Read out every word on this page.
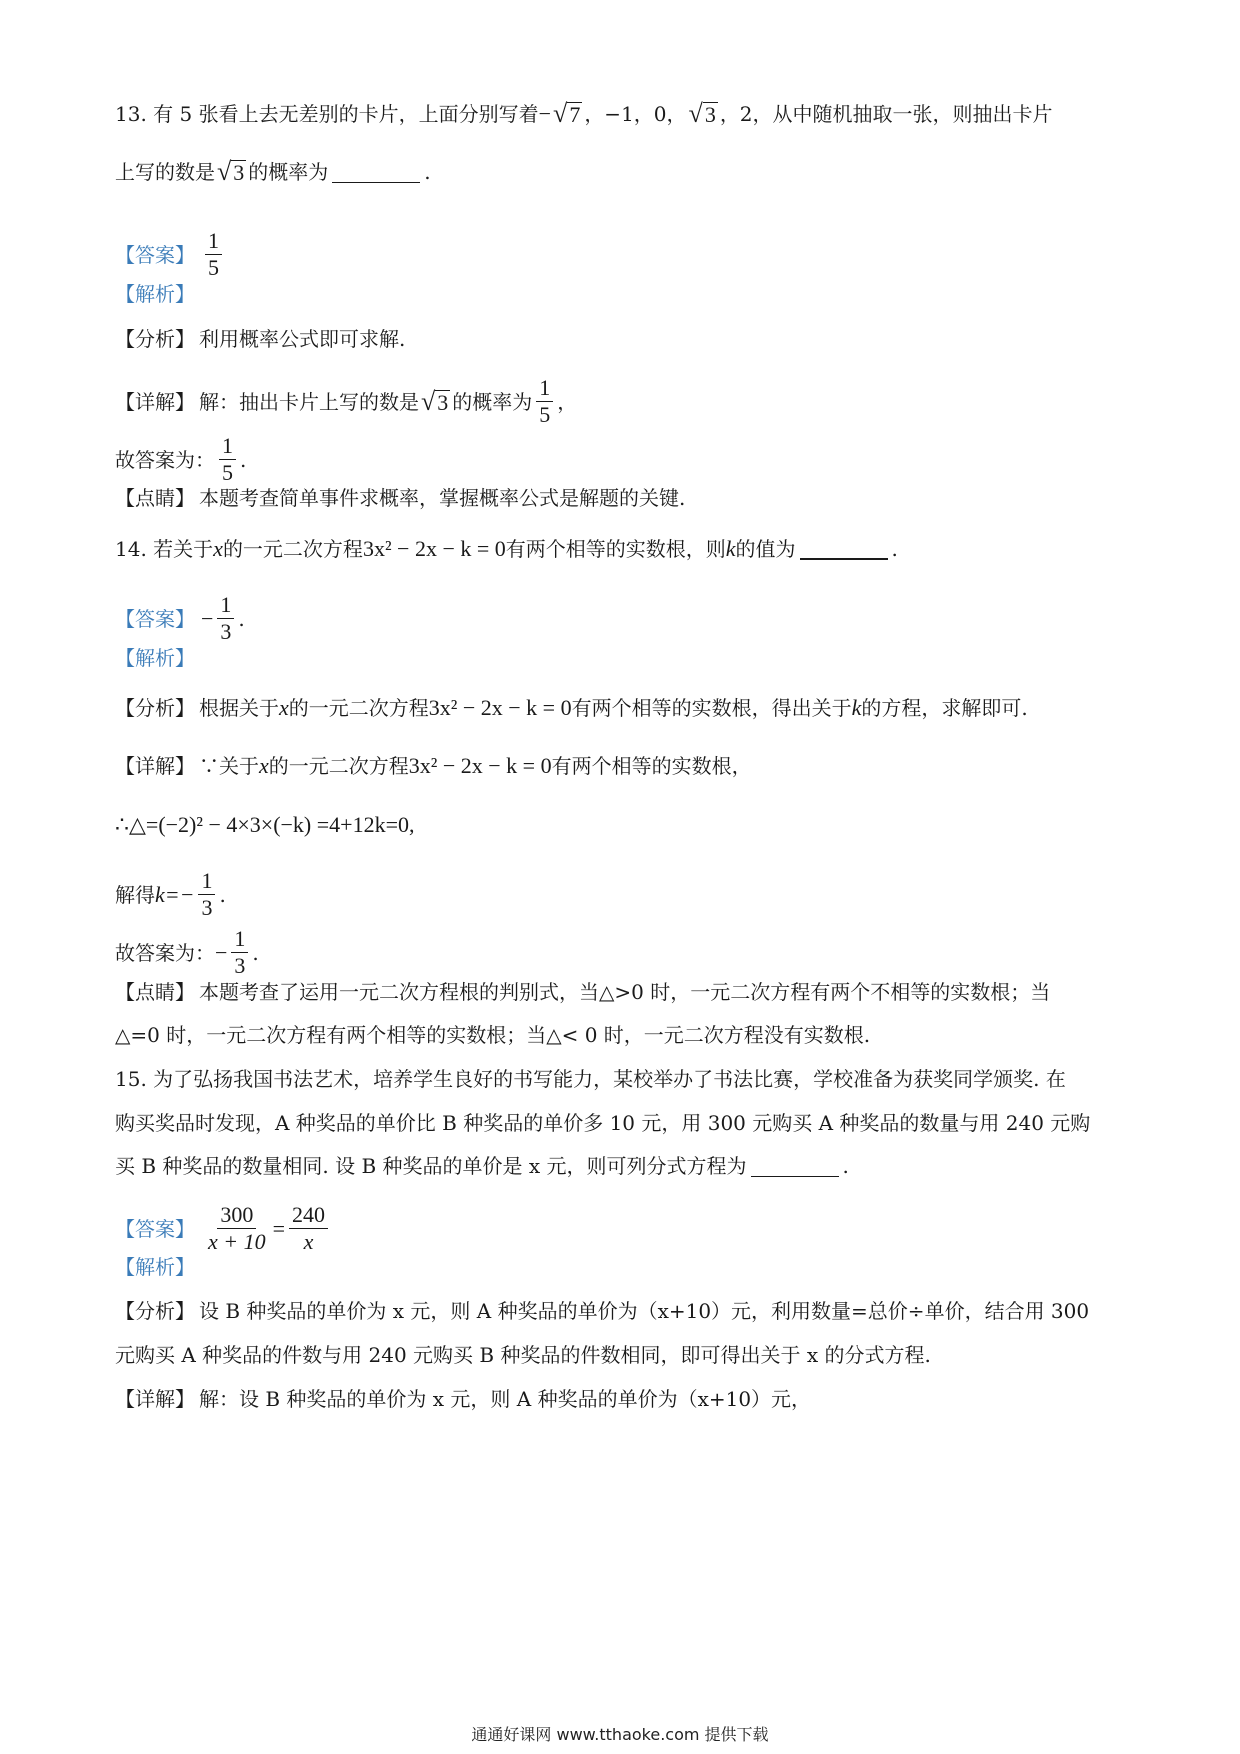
13. 有 5 张看上去无差别的卡片，上面分别写着 − √ 7 ，−1，0， √ 3 ，2，从中随机抽取一张，则抽出卡片
上写的数是 √ 3 的概率为	.
【答案】 $\frac{1}{5}$
【解析】
【分析】 利用概率公式即可求解.
【详解】 解：抽出卡片上写的数是 √ 3 的概率为 $\frac{1}{5}$ ，
故答案为： $\frac{1}{5}$ .
【点睛】 本题考查简单事件求概率，掌握概率公式是解题的关键.
14. 若关于 x 的一元二次方程 3x² − 2x − k = 0 有两个相等的实数根，则 k 的值为	.
【答案】 − $\frac{1}{3}$ .
【解析】
【分析】 根据关于 x 的一元二次方程 3x² − 2x − k = 0 有两个相等的实数根，得出关于 k 的方程，求解即可.
【详解】 ∵关于 x 的一元二次方程 3x² − 2x − k = 0 有两个相等的实数根，
∴△=(−2)² − 4×3×(−k) =4+12k=0,
解得 $k=- \frac{1}{3}$ .
故答案为： − $\frac{1}{3}$ .
【点睛】 本题考查了运用一元二次方程根的判别式，当△>0 时，一元二次方程有两个不相等的实数根；当
△=0 时，一元二次方程有两个相等的实数根；当△< 0 时，一元二次方程没有实数根.
15. 为了弘扬我国书法艺术，培养学生良好的书写能力，某校举办了书法比赛，学校准备为获奖同学颁奖. 在
购买奖品时发现，A 种奖品的单价比 B 种奖品的单价多 10 元，用 300 元购买 A 种奖品的数量与用 240 元购
买 B 种奖品的数量相同. 设 B 种奖品的单价是 x 元，则可列分式方程为	.
【答案】 $\frac{300}{x + 10} = \frac{240}{x}$
【解析】
【分析】 设 B 种奖品的单价为 x 元，则 A 种奖品的单价为（x+10）元，利用数量=总价÷单价，结合用 300
元购买 A 种奖品的件数与用 240 元购买 B 种奖品的件数相同，即可得出关于 x 的分式方程.
【详解】 解：设 B 种奖品的单价为 x 元，则 A 种奖品的单价为（x+10）元，
通通好课网 www.tthaoke.com 提供下载
